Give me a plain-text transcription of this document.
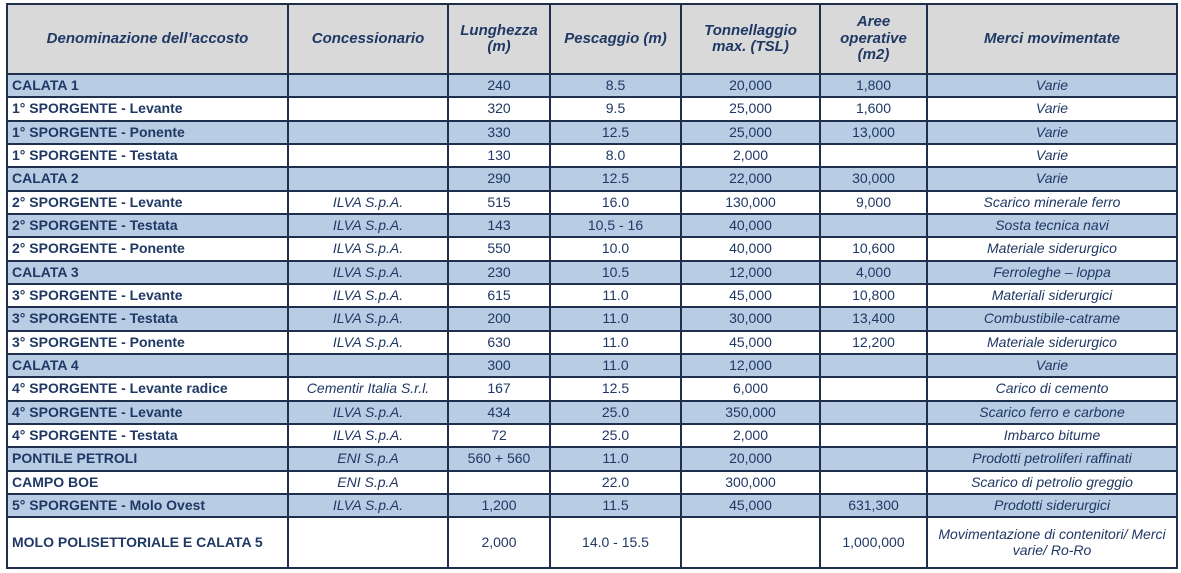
Denominazione dell’accosto	Concessionario	Lunghezza (m)	Pescaggio (m)	Tonnellaggio max. (TSL)	Aree operative (m2)	Merci movimentate
CALATA 1		240	8.5	20,000	1,800	Varie
1° SPORGENTE - Levante		320	9.5	25,000	1,600	Varie
1° SPORGENTE - Ponente		330	12.5	25,000	13,000	Varie
1° SPORGENTE - Testata		130	8.0	2,000		Varie
CALATA 2		290	12.5	22,000	30,000	Varie
2° SPORGENTE - Levante	ILVA S.p.A.	515	16.0	130,000	9,000	Scarico minerale ferro
2° SPORGENTE - Testata	ILVA S.p.A.	143	10,5 - 16	40,000		Sosta tecnica navi
2° SPORGENTE - Ponente	ILVA S.p.A.	550	10.0	40,000	10,600	Materiale siderurgico
CALATA 3	ILVA S.p.A.	230	10.5	12,000	4,000	Ferroleghe – loppa
3° SPORGENTE - Levante	ILVA S.p.A.	615	11.0	45,000	10,800	Materiali siderurgici
3° SPORGENTE - Testata	ILVA S.p.A.	200	11.0	30,000	13,400	Combustibile-catrame
3° SPORGENTE - Ponente	ILVA S.p.A.	630	11.0	45,000	12,200	Materiale siderurgico
CALATA 4		300	11.0	12,000		Varie
4° SPORGENTE - Levante radice	Cementir Italia S.r.l.	167	12.5	6,000		Carico di cemento
4° SPORGENTE - Levante	ILVA S.p.A.	434	25.0	350,000		Scarico ferro e carbone
4° SPORGENTE - Testata	ILVA S.p.A.	72	25.0	2,000		Imbarco bitume
PONTILE PETROLI	ENI S.p.A	560 + 560	11.0	20,000		Prodotti petroliferi raffinati
CAMPO BOE	ENI S.p.A		22.0	300,000		Scarico di petrolio greggio
5° SPORGENTE - Molo Ovest	ILVA S.p.A.	1,200	11.5	45,000	631,300	Prodotti siderurgici
MOLO POLISETTORIALE E CALATA 5		2,000	14.0 - 15.5		1,000,000	Movimentazione di contenitori/ Merci varie/ Ro-Ro
